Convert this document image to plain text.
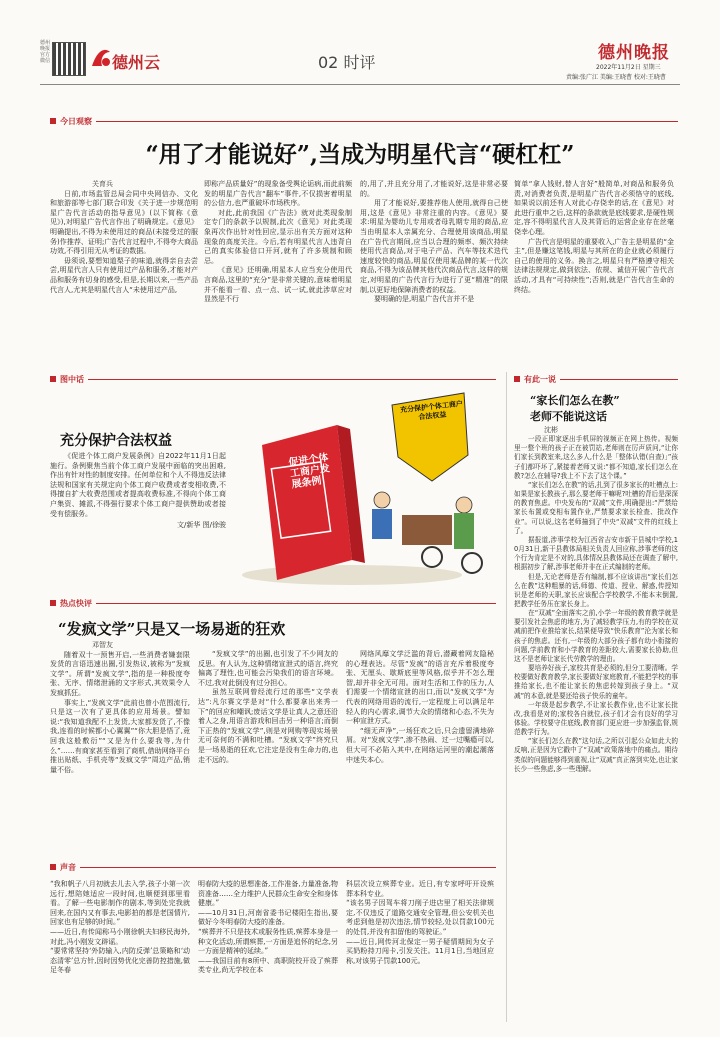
德州晚报官方微信	德州云	02 时评	德州晚报
2022年11月2日 星期三
责编:张广江 美编:王晓曹 校对:王晓曹
今日观察
“用了才能说好”,当成为明星代言“硬杠杠”

关育兵

日前,市场监管总局会同中央网信办、文化和旅游部等七部门联合印发《关于进一步规范明星广告代言活动的指导意见》(以下简称《意见》),对明星广告代言作出了明确规定。《意见》明确提出,不得为未使用过的商品(未接受过的服务)作推荐、证明;广告代言过程中,不得夸大商品功效,不得引用无从考证的数据。

毋须说,要想知道梨子的味道,就得亲自去尝尝,明星代言人只有使用过产品和服务,才能对产品和服务有切身的感受,但是,长期以来,一些产品代言人,尤其是明星代言人“未使用过产品,

即称产品质量好”的现象备受舆论诟病,而此前频发的明星广告代言“翻车”事件,不仅损害着明星的公信力,也严重破坏市场秩序。

对此,此前我国《广告法》就对此类现象制定专门的条款予以规制,此次《意见》对此类现象再次作出针对性回应,显示出有关方面对这种现象的高度关注。今后,若有明星代言人违背自己的真实体验信口开河,就有了许多规制和顾忌。

《意见》还明确,明星本人应当充分使用代言商品,这里的“充分”是非常关键的,意味着明星并不能看一看、点一点、试一试,就此涉草应对显然是不行

的,用了,并且充分用了,才能说好,这是非常必要的。

用了才能说好,要推荐他人使用,就得自己使用,这是《意见》非常注重的内容。《意见》要求:明星为婴幼儿专用或者母乳期专用的商品,应当由明星本人亲属充分、合理使用该商品,明星在广告代言期间,应当以合理的频率、频次持续使用代言商品,对于电子产品、汽车等技术迭代速度较快的商品,明星仅使用某品牌的某一代次商品,不得为该品牌其他代次商品代言,这样的规定,对明星的广告代言行为进行了更“精准”的限制,以更好地保障消费者的权益。

要明确的是,明星广告代言并不是

简单“拿人钱财,替人言好”般简单,对商品和服务负责,对消费者负责,是明星广告代言必须恪守的底线,如果说以前还有人对此心存侥幸的话,在《意见》对此进行重申之后,这样的条款就是底线要求,是硬性规定,容不得明星代言人及其背后的运营企业存在丝毫侥幸心理。

广告代言是明星的重要收入,广告主是明星的“金主”,但是赚这笔钱,明星与其所在的企业就必须履行自己的使用的义务。换言之,明星只有严格遵守相关法律法规规定,做到依法、依规、诚信开展广告代言活动,才具有“可持续性”;否则,就是广告代言生命的终结。

图中话
充分保护合法权益

《促进个体工商户发展条例》自2022年11月1日起施行。条例聚焦当前个体工商户发展中面临的突出困难,作出有针对性的制度安排。任何单位和个人不得违反法律法规和国家有关规定向个体工商户收费或者变相收费,不得擅自扩大收费范围或者提高收费标准,不得向个体工商户集资、摊派,不得强行要求个体工商户提供赞助或者接受有偿服务。

文/新华 图/徐骏

促进个体工商户发展条例
充分保护个体工商户合法权益
热点快评
“发疯文学”只是又一场易逝的狂欢

邓智友

随着双十一预售开启,一些消费者嫌套限发货的言语迅速出圈,引发热议,被称为“发疯文学”。所谓“发疯文学”,指的是一种极度夸张、无序、情绪泄涌的文字形式,其效果令人发疯抓狂。

事实上,“发疯文学”此前也曾小范围流行,只是这一次有了更具体的应用场景。譬如说:“我知道我配不上发货,大家都发货了,不像我,连看的时候都小心翼翼”“你大胆是悟了,竟回我这般敷衍”“又是为什么要我等,为什么”……有商家甚至看到了商机,借助网络平台推出贴纸、手机壳等“发疯文学”周边产品,销量不俗。

“发疯文学”的出圈,也引发了不少网友的反思。有人认为,这种情绪宣泄式的语言,终究偏离了理性,也可能会污染我们的语言环境。不过,我对此倒没有过分担心。

虽然互联网曾经流行过的那些“文学表达”:凡尔赛文学是对“什么都要拿出来秀一下”的回应和嘲讽;废话文学是让真人之意还沿着人之身,用语言游戏和回击另一种语言;而倒下正热的“发疯文学”,则是对网购等现实场景无可奈何的不满和吐槽。“发疯文学”终究只是一场易逝的狂欢,它注定是没有生命力的,也走不远的。

网络风靡文学泛滥的背后,潜藏着网友隐秘的心理表达。尽管“发疯”的语言充斥着极度夸张、无厘头、歇斯底里等风格,似乎并不怎么理智,却并非全无可用。面对生活和工作的压力,人们需要一个情绪宣泄的出口,而以“发疯文学”为代表的网络用语的流行,一定程度上可以满足年轻人的内心需求,调节大众的情绪和心态,不失为一种宣泄方式。

“细无声净”,一场狂欢之后,只会遗留满地碎屑。对“发疯文学”,渗不热闹、过一过嘴瘾可以,但大可不必陷入其中,在网络运河里的潮起潮落中迷失本心。

有此一说
“家长们怎么在教”
老师不能说这话

沈彬

一段正即家逐出手机屏的视频正在网上热传。视频里一整个班的孩子正在被罚站,老师则在厉声质问,“让你们家长到教室来,这么多人,什么是「整体认错(自查)」”孩子们都吓坏了,紧接着老师又说:“都不知道,家长们怎么在教?怎么在辅导?我上不下去了这个课。”

“家长们怎么在教”的话,扎到了很多家长的吐槽点上:如果是家长教孩子,那么要老师干嘛呢?吐槽的背后是深深的教育焦虑。中央发布的“双减”文件,明确提出:“严禁给家长布置或变相布置作业,严禁要求家长检查、批改作业”。可以说,这名老师撞到了中央“双减”文件的红线上了。

据报道,涉事学校为江西省吉安市新干县城中学校,10月31日,新干县教体局相关负责人回应称,涉事老师的这个行为肯定是不对的,具体情况县教体局还在调查了解中,根据初步了解,涉事老师并非在正式编制的老师。

但是,无论老师是否有编制,都不应该讲出“家长们怎么在教”这种粗暴的话,师德、传道、授业、解惑,传授知识是老师的天职,家长应该配合学校教学,不能本末倒置,把教学任务压在家长身上。

在“双减”全面落实之前,小学一年级的教育教学就是要引发社会焦虑的地方,为了减轻教学压力,有的学校在双减前把作业推给家长,结果便导致“快乐教育”沦为家长和孩子的焦虑。还有,一年级的大部分孩子都有幼小衔接的问题,学前教育和小学教育的差距较大,需要家长协助,但这不是老师让家长代劳教学的理由。

要培养好孩子,家校共育是必须的,但分工要清晰。学校要做好教育教学,家长要做好家庭教育,不能把学校的事推给家长,也不能让家长的焦虑转嫁到孩子身上。“双减”的本意,就是要还给孩子快乐的童年。

一年级是起步教学,不让家长教作业,也不让家长批改,我看是对的;家校各自就位,孩子们才会有良好的学习体验。学校要守住底线,教育部门更应进一步加强监督,规范教学行为。

“家长们怎么在教”这句话,之所以引起公众如此大的反响,正是因为它戳中了“双减”政策落地中的痛点。期待类似的问题能够得到重视,让“双减”真正落到实处,也让家长少一些焦虑,多一些理解。

声音

“我和帆子八月初就去儿去入学,孩子小第一次远行,想陪她适应一段时间,也顺便到那里看看。了解一些电影制作的剧本,等到处完我就回来,在国内又有事去,电影拍的都是老国情片,回家也有足够的时间。”

——近日,有传闻称马小刚徐帆夫妇移民海外,对此,冯小刚发文辟谣。

“要常常坚持‘外防输入,内防反弹’总策略和‘动态清零’总方针,因时因势优化完善防控措施,做足冬春

明春防大疫的思想准备,工作准备,力量准备,物资准备……全力维护人民群众生命安全和身体健康。”

——10月31日,河南省委书记楼阳生指出,要做好今冬明春防大疫的准备。

“殡葬并不只是技术或服务性质,殡葬本身是一种文化活动,所谓殡葬,一方面是追怀的纪念,另一方面是精神的延续。”

——我国目前有8所中、高职院校开设了殡葬类专业,尚无学校在本

科层次设立殡葬专业。近日,有专家呼吁开设殡葬本科专业。

“该名男子因驾车将刀削子进店里了相关法律规定,不仅违反了道路交通安全管理,但公安机关也考虑到他是初次违法,情节较轻,处以罚款100元的处罚,并没有扣留他的驾驶证。”

——近日,网传河北保定一男子疑情期间为女子买奶粉持刀闯卡,引发关注。11月1日,当地回应称,对该男子罚款100元。
